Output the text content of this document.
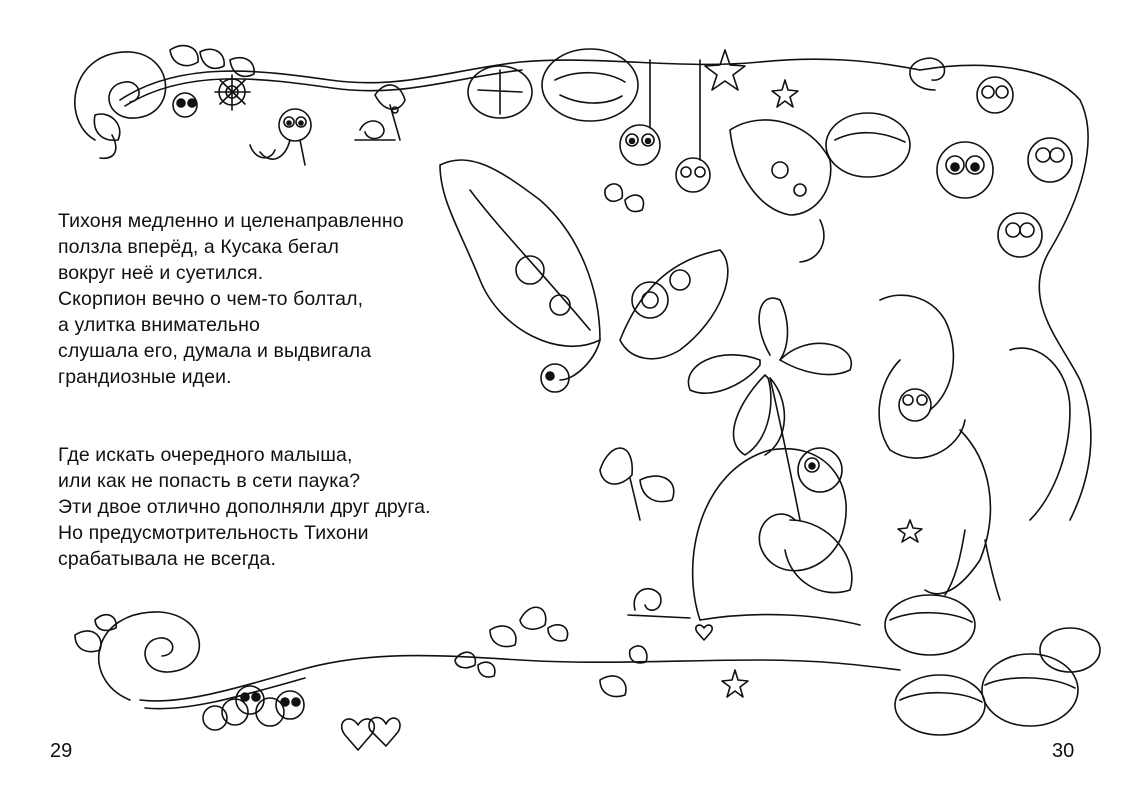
Тихоня медленно и целенаправленно
ползла вперёд, а Кусака бегал
вокруг неё и суетился.
Скорпион вечно о чем-то болтал,
а улитка внимательно
слушала его, думала и выдвигала
грандиозные идеи.
Где искать очередного малыша,
или как не попасть в сети паука?
Эти двое отлично дополняли друг друга.
Но предусмотрительность Тихони
срабатывала не всегда.
29	30
